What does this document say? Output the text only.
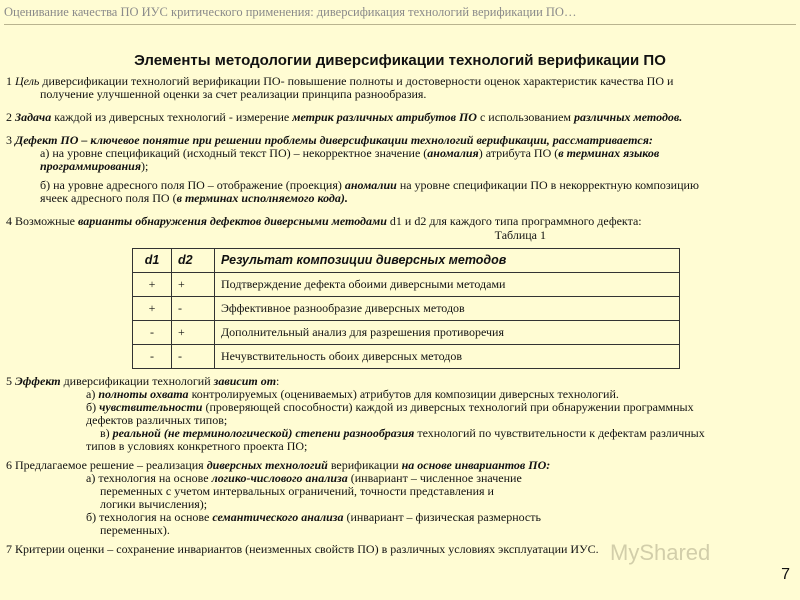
Оценивание качества ПО ИУС критического применения: диверсификация технологий верификации ПО…
Элементы методологии диверсификации технологий верификации ПО

1 Цель диверсификации технологий верификации ПО- повышение полноты и достоверности оценок характеристик качества ПО и

получение улучшенной оценки за счет реализации принципа разнообразия.

2 Задача каждой из диверсных технологий - измерение метрик различных атрибутов ПО с использованием различных методов.

3 Дефект ПО – ключевое понятие при решении проблемы диверсификации технологий верификации, рассматривается:

а) на уровне спецификаций (исходный текст ПО) – некорректное значение (аномалия) атрибута ПО (в терминах языков

программирования);

б) на уровне адресного поля ПО – отображение (проекция) аномалии на уровне спецификации ПО в некорректную композицию

ячеек адресного поля ПО (в терминах исполняемого кода).

4 Возможные варианты обнаружения дефектов диверсными методами d1 и d2 для каждого типа программного дефекта:

Таблица 1

d1	d2	Результат композиции диверсных методов
+	+	Подтверждение дефекта обоими диверсными методами
+	-	Эффективное разнообразие диверсных методов
-	+	Дополнительный анализ для разрешения противоречия
-	-	Нечувствительность обоих диверсных методов

5 Эффект диверсификации технологий зависит от:

а) полноты охвата контролируемых (оцениваемых) атрибутов для композиции диверсных технологий.

б) чувствительности (проверяющей способности) каждой из диверсных технологий при обнаружении программных

дефектов различных типов;

в) реальной (не терминологической) степени разнообразия технологий по чувствительности к дефектам различных

типов в условиях конкретного проекта ПО;

6 Предлагаемое решение – реализация диверсных технологий верификации на основе инвариантов ПО:

а) технология на основе логико-числового анализа (инвариант – численное значение

переменных с учетом интервальных ограничений, точности представления и

логики вычисления);

б) технология на основе семантического анализа (инвариант – физическая размерность

переменных).

7 Критерии оценки – сохранение инвариантов (неизменных свойств ПО) в различных условиях эксплуатации ИУС. MyShared
7
